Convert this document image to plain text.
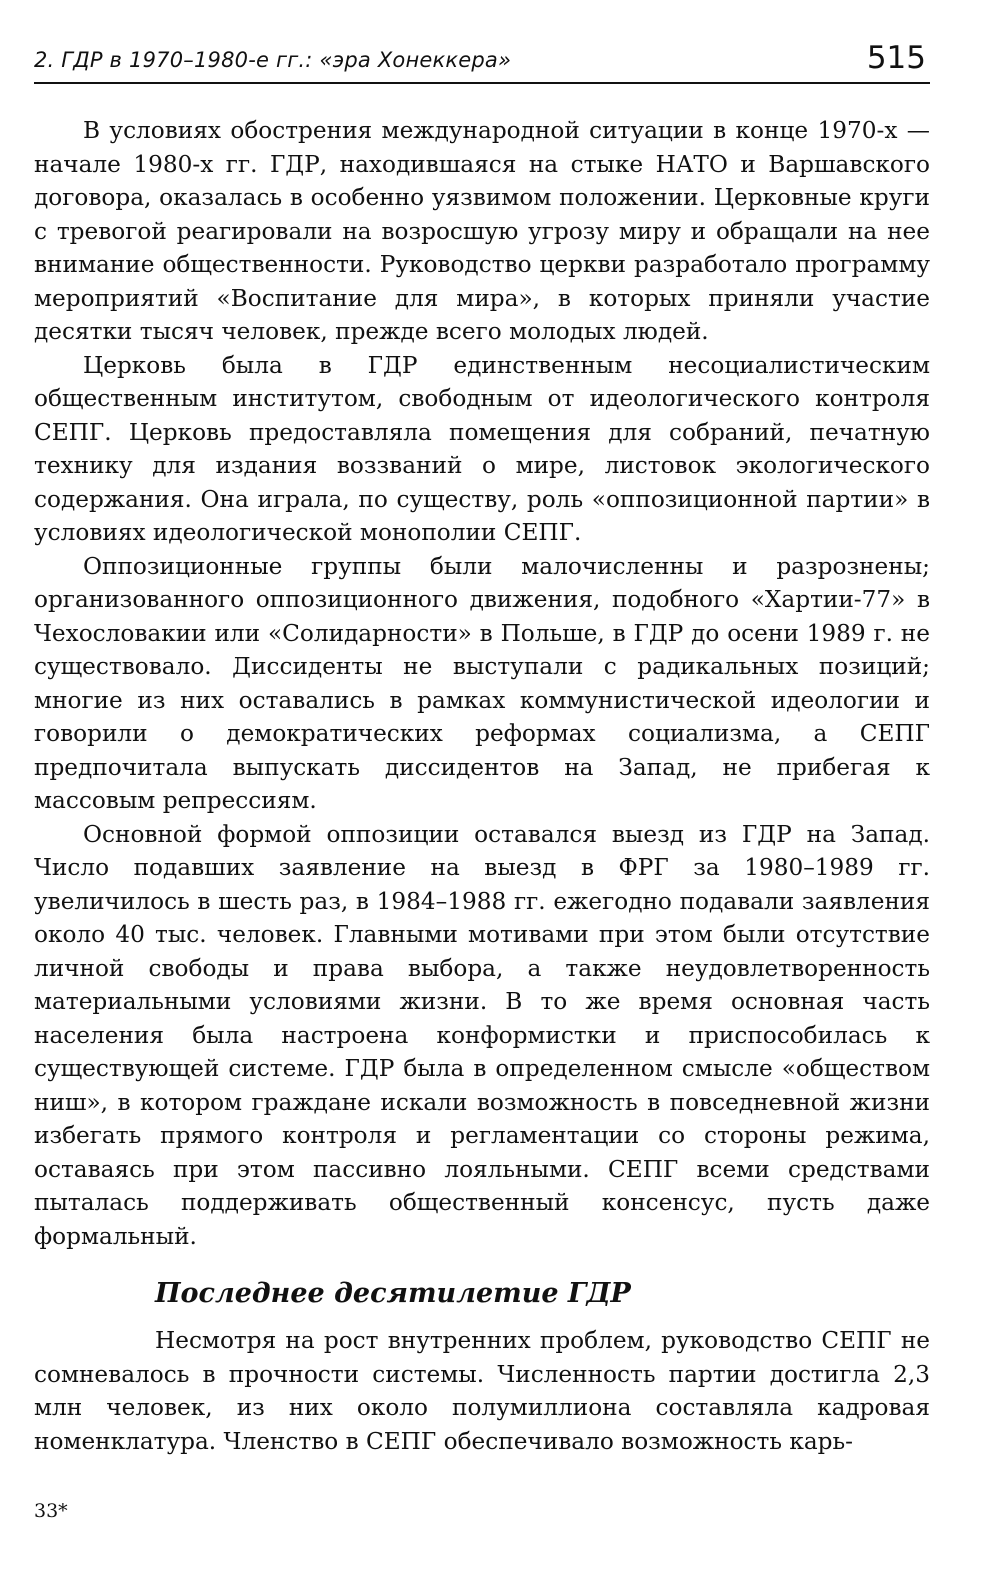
2. ГДР в 1970–1980-е гг.: «эра Хонеккера»	515

В условиях обострения международной ситуации в конце 1970-х — начале 1980-х гг. ГДР, находившаяся на стыке НАТО и Варшавского договора, оказалась в особенно уязвимом положении. Церковные круги с тревогой реагировали на возросшую угрозу миру и обращали на нее внимание общественности. Руководство церкви разработало программу мероприятий «Воспитание для мира», в которых приняли участие десятки тысяч человек, прежде всего молодых людей.

Церковь была в ГДР единственным несоциалистическим общественным институтом, свободным от идеологического контроля СЕПГ. Церковь предоставляла помещения для собраний, печатную технику для издания воззваний о мире, листовок экологического содержания. Она играла, по существу, роль «оппозиционной партии» в условиях идеологической монополии СЕПГ.

Оппозиционные группы были малочисленны и разрознены; организованного оппозиционного движения, подобного «Хартии-77» в Чехословакии или «Солидарности» в Польше, в ГДР до осени 1989 г. не существовало. Диссиденты не выступали с радикальных позиций; многие из них оставались в рамках коммунистической идеологии и говорили о демократических реформах социализма, а СЕПГ предпочитала выпускать диссидентов на Запад, не прибегая к массовым репрессиям.

Основной формой оппозиции оставался выезд из ГДР на Запад. Число подавших заявление на выезд в ФРГ за 1980–1989 гг. увеличилось в шесть раз, в 1984–1988 гг. ежегодно подавали заявления около 40 тыс. человек. Главными мотивами при этом были отсутствие личной свободы и права выбора, а также неудовлетворенность материальными условиями жизни. В то же время основная часть населения была настроена конформистки и приспособилась к существующей системе. ГДР была в определенном смысле «обществом ниш», в котором граждане искали возможность в повседневной жизни избегать прямого контроля и регламентации со стороны режима, оставаясь при этом пассивно лояльными. СЕПГ всеми средствами пыталась поддерживать общественный консенсус, пусть даже формальный.

Последнее десятилетие ГДР

Несмотря на рост внутренних проблем, руководство СЕПГ не сомневалось в прочности системы. Численность партии достигла 2,3 млн человек, из них около полумиллиона составляла кадровая номенклатура. Членство в СЕПГ обеспечивало возможность карь-

33*
